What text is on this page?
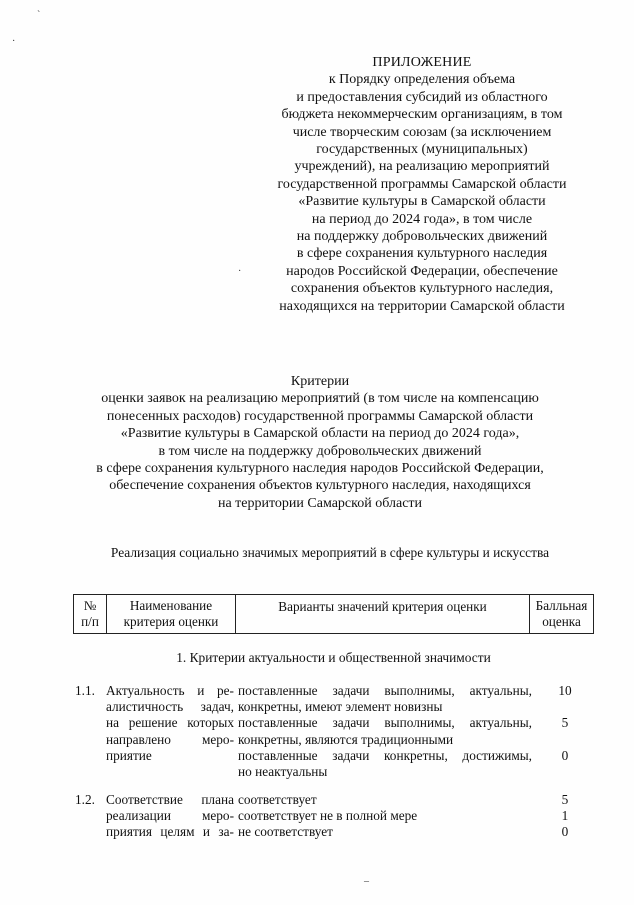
ПРИЛОЖЕНИЕ
к Порядку определения объема
и предоставления субсидий из областного
бюджета некоммерческим организациям, в том
числе творческим союзам (за исключением
государственных (муниципальных)
учреждений), на реализацию мероприятий
государственной программы Самарской области
«Развитие культуры в Самарской области
на период до 2024 года», в том числе
на поддержку добровольческих движений
в сфере сохранения культурного наследия
народов Российской Федерации, обеспечение
сохранения объектов культурного наследия,
находящихся на территории Самарской области
Критерии
оценки заявок на реализацию мероприятий (в том числе на компенсацию
понесенных расходов) государственной программы Самарской области
«Развитие культуры в Самарской области на период до 2024 года»,
в том числе на поддержку добровольческих движений
в сфере сохранения культурного наследия народов Российской Федерации,
обеспечение сохранения объектов культурного наследия, находящихся
на территории Самарской области
Реализация социально значимых мероприятий в сфере культуры и искусства
№
п/п
Наименование
критерия оценки
Варианты значений критерия оценки	Балльная
оценка
1. Критерии актуальности и общественной значимости
1.1. Актуальность и ре-
алистичность задач,
на решение которых
направлено меро-
приятие
поставленные задачи выполнимы, актуальны,
конкретны, имеют элемент новизны
поставленные задачи выполнимы, актуальны,
конкретны, являются традиционными
поставленные задачи конкретны, достижимы,
но неактуальны
10
5
0
1.2. Соответствие плана
реализации меро-
приятия целям и за-
соответствует
соответствует не в полной мере
не соответствует
5
1
0
ˋ
·
·
–
